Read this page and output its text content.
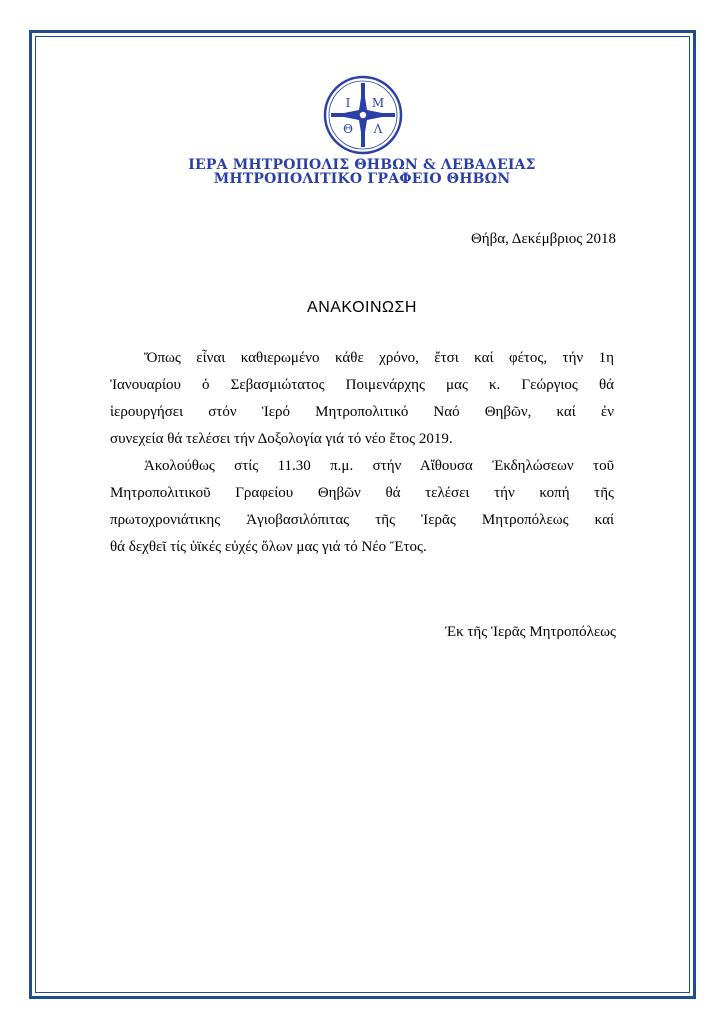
Ι Μ
Θ Λ
ΙΕΡΑ ΜΗΤΡΟΠΟΛΙΣ ΘΗΒΩΝ & ΛΕΒΑΔΕΙΑΣ
ΜΗΤΡΟΠΟΛΙΤΙΚΟ ΓΡΑΦΕΙΟ ΘΗΒΩΝ
Θήβα, Δεκέμβριος 2018
ΑΝΑΚΟΙΝΩΣΗ
Ὅπως εἶναι καθιερωμένο κάθε χρόνο, ἔτσι καί φέτος, τήν 1η
Ἰανουαρίου ὁ Σεβασμιώτατος Ποιμενάρχης μας κ. Γεώργιος θά
ἱερουργήσει στόν Ἱερό Μητροπολιτικό Ναό Θηβῶν, καί ἐν
συνεχεία θά τελέσει τήν Δοξολογία γιά τό νέο ἔτος 2019.
Ἀκολούθως στίς 11.30 π.μ. στήν Αἴθουσα Ἐκδηλώσεων τοῦ
Μητροπολιτικοῦ Γραφείου Θηβῶν θά τελέσει τήν κοπή τῆς
πρωτοχρονιάτικης Ἁγιοβασιλόπιτας τῆς Ἱερᾶς Μητροπόλεως καί
θά δεχθεῖ τίς ὑϊκές εὐχές ὅλων μας γιά τό Νέο Ἔτος.
Ἐκ τῆς Ἱερᾶς Μητροπόλεως
